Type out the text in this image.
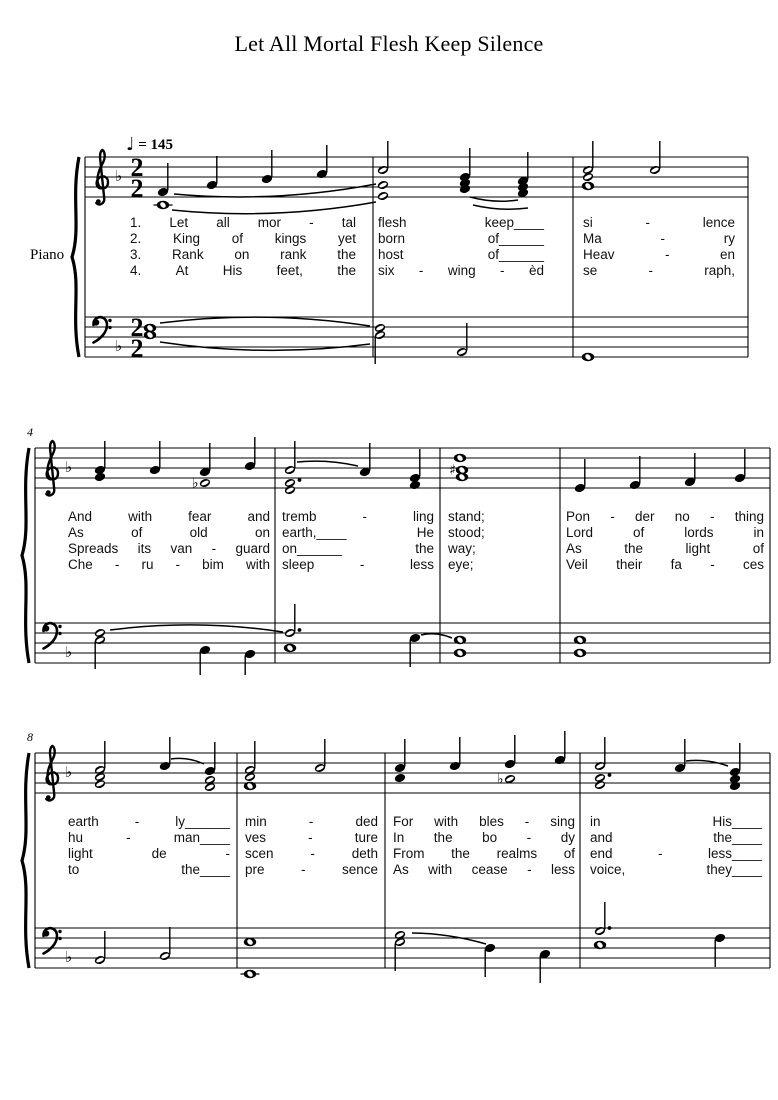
Let All Mortal Flesh Keep Silence
♩ = 145
Piano
4
8
♭
♭
2
2
2
2
1. Let all mor - tal
2. King of kings yet
3. Rank on rank the
4. At His feet, the
flesh keep____
born of______
host of______
six - wing - èd
si - lence
Ma - ry
Heav - en
se - raph,
♭
♭
♭
♯
And with fear and
As of old on
Spreads its van - guard
Che - ru - bim with
tremb - ling
earth,____ He
on______ the
sleep - less
stand;
stood;
way;
eye;
Pon - der no - thing
Lord of lords in
As the light of
Veil their fa - ces
♭
♭
♭
earth - ly______
hu - man____
light de -
to the____
min - ded
ves - ture
scen - deth
pre - sence
For with bles - sing
In the bo - dy
From the realms of
As with cease - less
in His____
and the____
end - less____
voice, they____
